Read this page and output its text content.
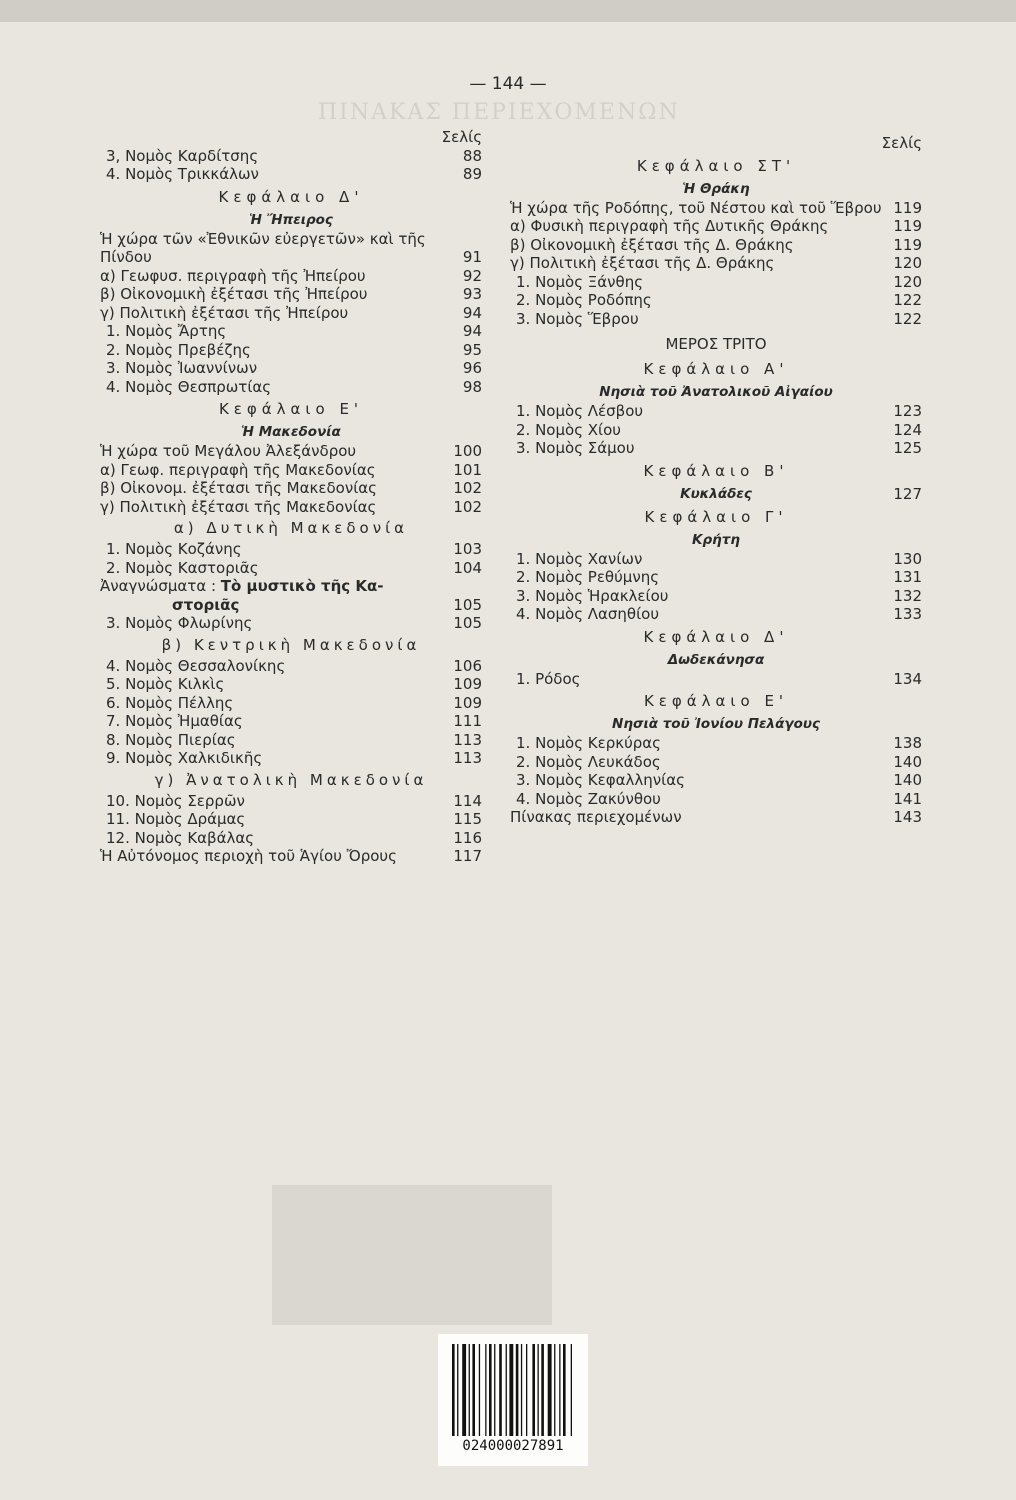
ΠΙΝΑΚΑΣ ΠΕΡΙΕΧΟΜΕΝΩΝ
— 144 —
Σελίς
3, Νομὸς Καρδίτσης	88
4. Νομὸς Τρικκάλων	89
Κεφάλαιο Δ'
Ἡ Ἤπειρος
Ἡ χώρα τῶν «Ἐθνικῶν εὐεργετῶν» καὶ τῆς Πίνδου	91
α) Γεωφυσ. περιγραφὴ τῆς Ἠπείρου	92
β) Οἰκονομικὴ ἐξέτασι τῆς Ἠπείρου	93
γ) Πολιτικὴ ἐξέτασι τῆς Ἠπείρου	94
1. Νομὸς Ἄρτης	94
2. Νομὸς Πρεβέζης	95
3. Νομὸς Ἰωαννίνων	96
4. Νομὸς Θεσπρωτίας	98
Κεφάλαιο Ε'
Ἡ Μακεδονία
Ἡ χώρα τοῦ Μεγάλου Ἀλεξάνδρου	100
α) Γεωφ. περιγραφὴ τῆς Μακεδονίας	101
β) Οἰκονομ. ἐξέτασι τῆς Μακεδονίας	102
γ) Πολιτικὴ ἐξέτασι τῆς Μακεδονίας	102
α) Δυτικὴ Μακεδονία
1. Νομὸς Κοζάνης	103
2. Νομὸς Καστοριᾶς	104
Ἀναγνώσματα : Τὸ μυστικὸ τῆς Κα-
στοριᾶς	105
3. Νομὸς Φλωρίνης	105
β) Κεντρικὴ Μακεδονία
4. Νομὸς Θεσσαλονίκης	106
5. Νομὸς Κιλκὶς	109
6. Νομὸς Πέλλης	109
7. Νομὸς Ἠμαθίας	111
8. Νομὸς Πιερίας	113
9. Νομὸς Χαλκιδικῆς	113
γ) Ἀνατολικὴ Μακεδονία
10. Νομὸς Σερρῶν	114
11. Νομὸς Δράμας	115
12. Νομὸς Καβάλας	116
Ἡ Αὐτόνομος περιοχὴ τοῦ Ἁγίου Ὄρους	117
Σελίς
Κεφάλαιο ΣΤ'
Ἡ Θράκη
Ἡ χώρα τῆς Ροδόπης, τοῦ Νέστου καὶ τοῦ Ἕβρου 119
α) Φυσικὴ περιγραφὴ τῆς Δυτικῆς Θράκης	119
β) Οἰκονομικὴ ἐξέτασι τῆς Δ. Θράκης	119
γ) Πολιτικὴ ἐξέτασι τῆς Δ. Θράκης	120
1. Νομὸς Ξάνθης	120
2. Νομὸς Ροδόπης	122
3. Νομὸς Ἕβρου	122
ΜΕΡΟΣ ΤΡΙΤΟ
Κεφάλαιο Α'
Νησιὰ τοῦ Ἀνατολικοῦ Αἰγαίου
1. Νομὸς Λέσβου	123
2. Νομὸς Χίου	124
3. Νομὸς Σάμου	125
Κεφάλαιο Β'
Κυκλάδες	127
Κεφάλαιο Γ'
Κρήτη
1. Νομὸς Χανίων	130
2. Νομὸς Ρεθύμνης	131
3. Νομὸς Ἡρακλείου	132
4. Νομὸς Λασηθίου	133
Κεφάλαιο Δ'
Δωδεκάνησα
1. Ρόδος	134
Κεφάλαιο Ε'
Νησιὰ τοῦ Ἰονίου Πελάγους
1. Νομὸς Κερκύρας	138
2. Νομὸς Λευκάδος	140
3. Νομὸς Κεφαλληνίας	140
4. Νομὸς Ζακύνθου	141
Πίνακας περιεχομένων	143
024000027891
